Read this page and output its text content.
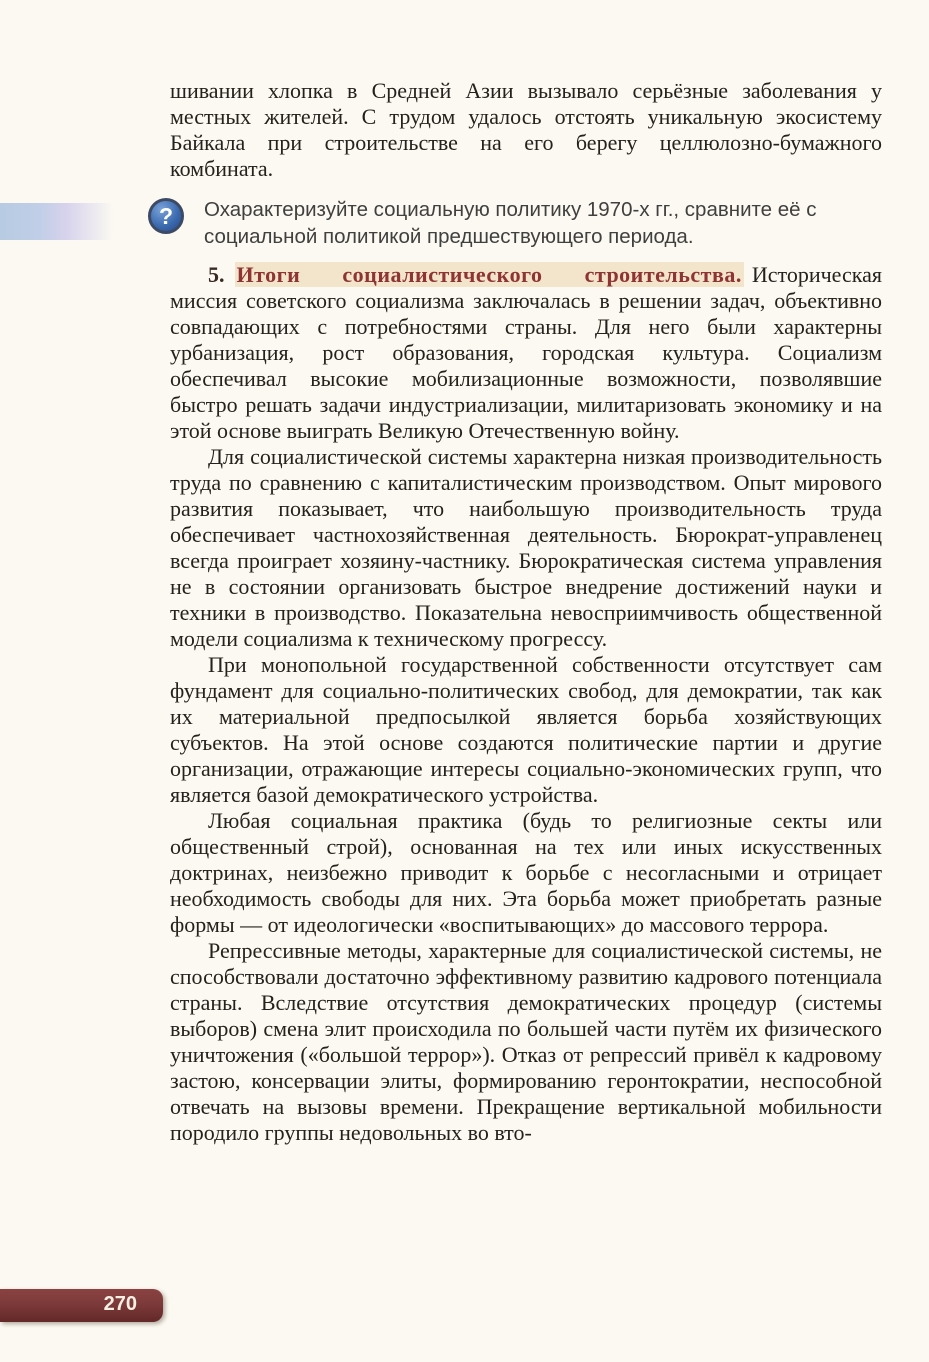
шивании хлопка в Средней Азии вызывало серьёзные заболевания у местных жителей. С трудом удалось отстоять уникальную экосистему Байкала при строительстве на его берегу целлюлозно-бумажного комбината.

?	Охарактеризуйте социальную политику 1970-х гг., сравните её с социальной политикой предшествующего периода.

5. Итоги социалистического строительства. Историческая миссия советского социализма заключалась в решении задач, объективно совпадающих с потребностями страны. Для него были характерны урбанизация, рост образования, городская культура. Социализм обеспечивал высокие мобилизационные возможности, позволявшие быстро решать задачи индустриализации, милитаризовать экономику и на этой основе выиграть Великую Отечественную войну.

Для социалистической системы характерна низкая производительность труда по сравнению с капиталистическим производством. Опыт мирового развития показывает, что наибольшую производительность труда обеспечивает частнохозяйственная деятельность. Бюрократ-управленец всегда проиграет хозяину-частнику. Бюрократическая система управления не в состоянии организовать быстрое внедрение достижений науки и техники в производство. Показательна невосприимчивость общественной модели социализма к техническому прогрессу.

При монопольной государственной собственности отсутствует сам фундамент для социально-политических свобод, для демократии, так как их материальной предпосылкой является борьба хозяйствующих субъектов. На этой основе создаются политические партии и другие организации, отражающие интересы социально-экономических групп, что является базой демократического устройства.

Любая социальная практика (будь то религиозные секты или общественный строй), основанная на тех или иных искусственных доктринах, неизбежно приводит к борьбе с несогласными и отрицает необходимость свободы для них. Эта борьба может приобретать разные формы — от идеологически «воспитывающих» до массового террора.

Репрессивные методы, характерные для социалистической системы, не способствовали достаточно эффективному развитию кадрового потенциала страны. Вследствие отсутствия демократических процедур (системы выборов) смена элит происходила по большей части путём их физического уничтожения («большой террор»). Отказ от репрессий привёл к кадровому застою, консервации элиты, формированию геронтократии, неспособной отвечать на вызовы времени. Прекращение вертикальной мобильности породило группы недовольных во вто-

270
